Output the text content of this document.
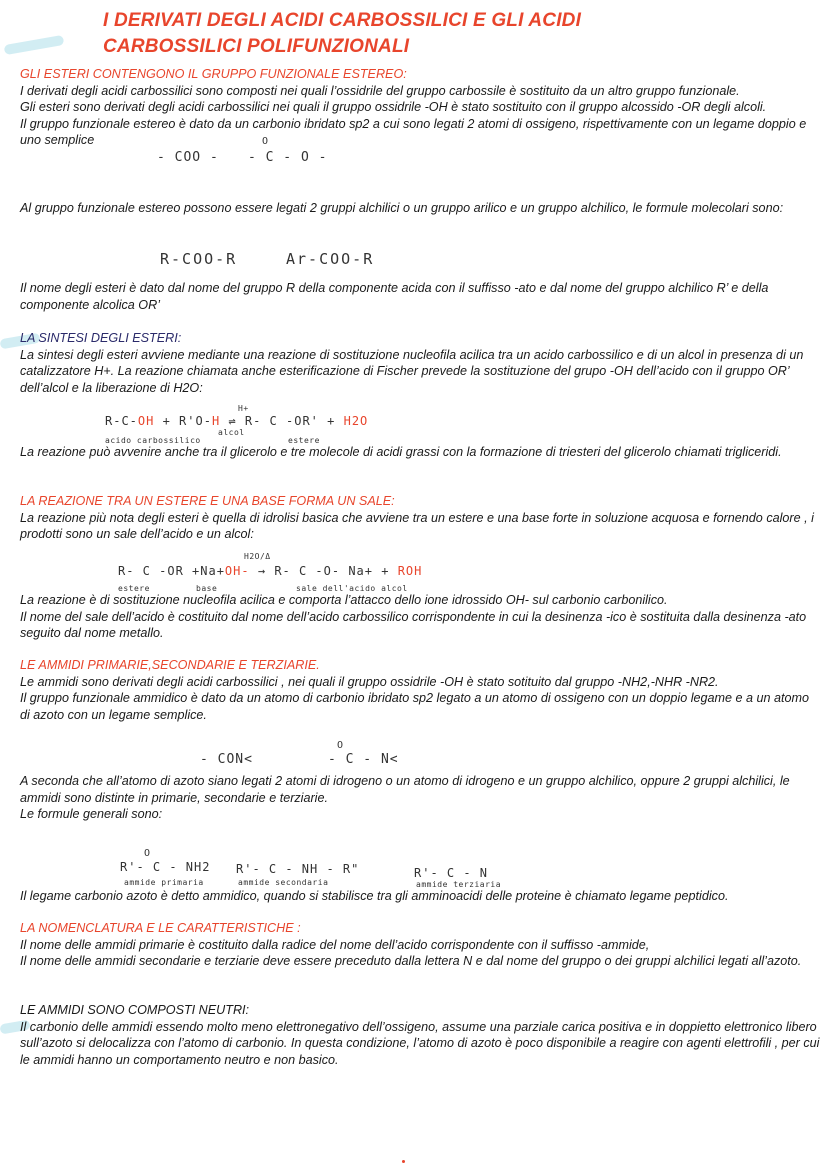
I DERIVATI DEGLI ACIDI CARBOSSILICI E GLI ACIDI
CARBOSSILICI POLIFUNZIONALI
GLI ESTERI CONTENGONO IL GRUPPO FUNZIONALE ESTEREO:
I derivati degli acidi carbossilici sono composti nei quali l’ossidrile del gruppo carbossile è sostituito da un altro gruppo funzionale.
Gli esteri sono derivati degli acidi carbossilici nei quali il gruppo ossidrile -OH è stato sostituito con il gruppo alcossido -OR degli alcoli.
Il gruppo funzionale estereo è dato da un carbonio ibridato sp2 a cui sono legati 2 atomi di ossigeno, rispettivamente con un legame doppio e uno semplice
- COO -
O
- C - O -
Al gruppo funzionale estereo possono essere legati 2 gruppi alchilici o un gruppo arilico e un gruppo alchilico, le formule molecolari sono:
R-COO-R	Ar-COO-R
Il nome degli esteri è dato dal nome del gruppo R della componente acida con il suffisso -ato e dal nome del gruppo alchilico R’ e della componente alcolica OR’
LA SINTESI DEGLI ESTERI:
La sintesi degli esteri avviene mediante una reazione di sostituzione nucleofila acilica tra un acido carbossilico e di un alcol in presenza di un catalizzatore H+. La reazione chiamata anche esterificazione di Fischer prevede la sostituzione del grupo -OH dell’acido con il gruppo OR’ dell’alcol e la liberazione di H2O:
H+
R-C-OH + R'O-H ⇌ R- C -OR' + H2O
acido carbossilico
alcol
estere
La reazione può avvenire anche tra il glicerolo e tre molecole di acidi grassi con la formazione di triesteri del glicerolo chiamati trigliceridi.
LA REAZIONE TRA UN ESTERE E UNA BASE FORMA UN SALE:
La reazione più nota degli esteri è quella di idrolisi basica che avviene tra un estere e una base forte in soluzione acquosa e fornendo calore , i prodotti sono un sale dell’acido e un alcol:
H2O/Δ
R- C -OR +Na+OH- → R- C -O- Na+ + ROH
estere	base	sale dell'acido alcol
La reazione è di sostituzione nucleofila acilica e comporta l’attacco dello ione idrossido OH- sul carbonio carbonilico.
Il nome del sale dell’acido è costituito dal nome dell’acido carbossilico corrispondente in cui la desinenza -ico è sostituita dalla desinenza -ato seguito dal nome metallo.
LE AMMIDI PRIMARIE,SECONDARIE E TERZIARIE.
Le ammidi sono derivati degli acidi carbossilici , nei quali il gruppo ossidrile -OH è stato sotituito dal gruppo -NH2,-NHR -NR2.
Il gruppo funzionale ammidico è dato da un atomo di carbonio ibridato sp2 legato a un atomo di ossigeno con un doppio legame e a un atomo di azoto con un legame semplice.
- CON<
O
- C - N<
A seconda che all’atomo di azoto siano legati 2 atomi di idrogeno o un atomo di idrogeno e un gruppo alchilico, oppure 2 gruppi alchilici, le ammidi sono distinte in primarie, secondarie e terziarie.
Le formule generali sono:
O
R'- C - NH2 R'- C - NH - R"	R'- C - N
ammide primaria	ammide secondaria	ammide terziaria
Il legame carbonio azoto è detto ammidico, quando si stabilisce tra gli amminoacidi delle proteine è chiamato legame peptidico.
LA NOMENCLATURA E LE CARATTERISTICHE :
Il nome delle ammidi primarie è costituito dalla radice del nome dell’acido corrispondente con il suffisso -ammide,
Il nome delle ammidi secondarie e terziarie deve essere preceduto dalla lettera N e dal nome del gruppo o dei gruppi alchilici legati all’azoto.
LE AMMIDI SONO COMPOSTI NEUTRI:
Il carbonio delle ammidi essendo molto meno elettronegativo dell’ossigeno, assume una parziale carica positiva e in doppietto elettronico libero sull’azoto si delocalizza con l’atomo di carbonio. In questa condizione, l’atomo di azoto è poco disponibile a reagire con agenti elettrofili , per cui le ammidi hanno un comportamento neutro e non basico.
